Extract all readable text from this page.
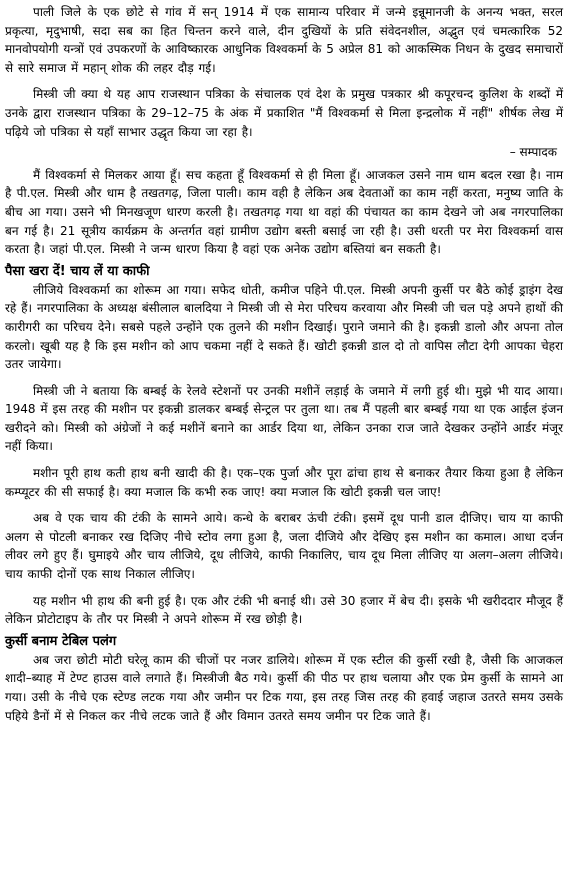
पाली जिले के एक छोटे से गांव में सन् 1914 में एक सामान्य परिवार में जन्मे इन्नूमानजी के अनन्य भक्त, सरल प्रकृत्या, मृदुभाषी, सदा सब का हित चिन्तन करने वाले, दीन दुखियों के प्रति संवेदनशील, अद्भुत एवं चमत्कारिक 52 मानवोपयोगी यन्त्रों एवं उपकरणों के आविष्कारक आधुनिक विश्वकर्मा के 5 अप्रेल 81 को आकस्मिक निधन के दुखद समाचारों से सारे समाज में महान् शोक की लहर दौड़ गई।

मिस्त्री जी क्या थे यह आप राजस्थान पत्रिका के संचालक एवं देश के प्रमुख पत्रकार श्री कपूरचन्द कुलिश के शब्दों में उनके द्वारा राजस्थान पत्रिका के 29–12–75 के अंक में प्रकाशित "मैं विश्वकर्मा से मिला इन्द्रलोक में नहीं" शीर्षक लेख में पढ़िये जो पत्रिका से यहाँ साभार उद्धृत किया जा रहा है।

– सम्पादक

मैं विश्वकर्मा से मिलकर आया हूँ। सच कहता हूँ विश्वकर्मा से ही मिला हूँ। आजकल उसने नाम धाम बदल रखा है। नाम है पी.एल. मिस्त्री और धाम है तखतगढ़, जिला पाली। काम वही है लेकिन अब देवताओं का काम नहीं करता, मनुष्य जाति के बीच आ गया। उसने भी मिनखजूण धारण करली है। तखतगढ़ गया था वहां की पंचायत का काम देखने जो अब नगरपालिका बन गई है। 21 सूत्रीय कार्यक्रम के अन्तर्गत वहां ग्रामीण उद्योग बस्ती बसाई जा रही है। उसी धरती पर मेरा विश्वकर्मा वास करता है। जहां पी.एल. मिस्त्री ने जन्म धारण किया है वहां एक अनेक उद्योग बस्तियां बन सकती है।

पैसा खरा दें! चाय लें या काफी

लीजिये विश्वकर्मा का शोरूम आ गया। सफेद धोती, कमीज पहिने पी.एल. मिस्त्री अपनी कुर्सी पर बैठे कोई ड्राइंग देख रहे हैं। नगरपालिका के अध्यक्ष बंसीलाल बालदिया ने मिस्त्री जी से मेरा परिचय करवाया और मिस्त्री जी चल पड़े अपने हाथों की कारीगरी का परिचय देने। सबसे पहले उन्होंने एक तुलने की मशीन दिखाई। पुराने जमाने की है। इकन्नी डालो और अपना तोल करलो। खूबी यह है कि इस मशीन को आप चकमा नहीं दे सकते हैं। खोटी इकन्नी डाल दो तो वापिस लौटा देगी आपका चेहरा उतर जायेगा।

मिस्त्री जी ने बताया कि बम्बई के रेलवे स्टेशनों पर उनकी मशीनें लड़ाई के जमाने में लगी हुई थी। मुझे भी याद आया। 1948 में इस तरह की मशीन पर इकन्नी डालकर बम्बई सेन्ट्रल पर तुला था। तब मैं पहली बार बम्बई गया था एक आईल इंजन खरीदने को। मिस्त्री को अंग्रेजों ने कई मशीनें बनाने का आर्डर दिया था, लेकिन उनका राज जाते देखकर उन्होंने आर्डर मंजूर नहीं किया।

मशीन पूरी हाथ कती हाथ बनी खादी की है। एक–एक पुर्जा और पूरा ढांचा हाथ से बनाकर तैयार किया हुआ है लेकिन कम्प्यूटर की सी सफाई है। क्या मजाल कि कभी रुक जाए! क्या मजाल कि खोटी इकन्नी चल जाए!

अब वे एक चाय की टंकी के सामने आये। कन्धे के बराबर ऊंची टंकी। इसमें दूध पानी डाल दीजिए। चाय या काफी अलग से पोटली बनाकर रख दिजिए नीचे स्टोव लगा हुआ है, जला दीजिये और देखिए इस मशीन का कमाल। आधा दर्जन लीवर लगे हुए हैं। घुमाइये और चाय लीजिये, दूध लीजिये, काफी निकालिए, चाय दूध मिला लीजिए या अलग–अलग लीजिये। चाय काफी दोनों एक साथ निकाल लीजिए।

यह मशीन भी हाथ की बनी हुई है। एक और टंकी भी बनाई थी। उसे 30 हजार में बेच दी। इसके भी खरीददार मौजूद हैं लेकिन प्रोटोटाइप के तौर पर मिस्त्री ने अपने शोरूम में रख छोड़ी है।

कुर्सी बनाम टेबिल पलंग

अब जरा छोटी मोटी घरेलू काम की चीजों पर नजर डालिये। शोरूम में एक स्टील की कुर्सी रखी है, जैसी कि आजकल शादी–ब्याह में टेण्ट हाउस वाले लगाते हैं। मिस्त्रीजी बैठ गये। कुर्सी की पीठ पर हाथ चलाया और एक प्रेम कुर्सी के सामने आ गया। उसी के नीचे एक स्टेण्ड लटक गया और जमीन पर टिक गया, इस तरह जिस तरह की हवाई जहाज उतरते समय उसके पहिये डैनों में से निकल कर नीचे लटक जाते हैं और विमान उतरते समय जमीन पर टिक जाते हैं।
